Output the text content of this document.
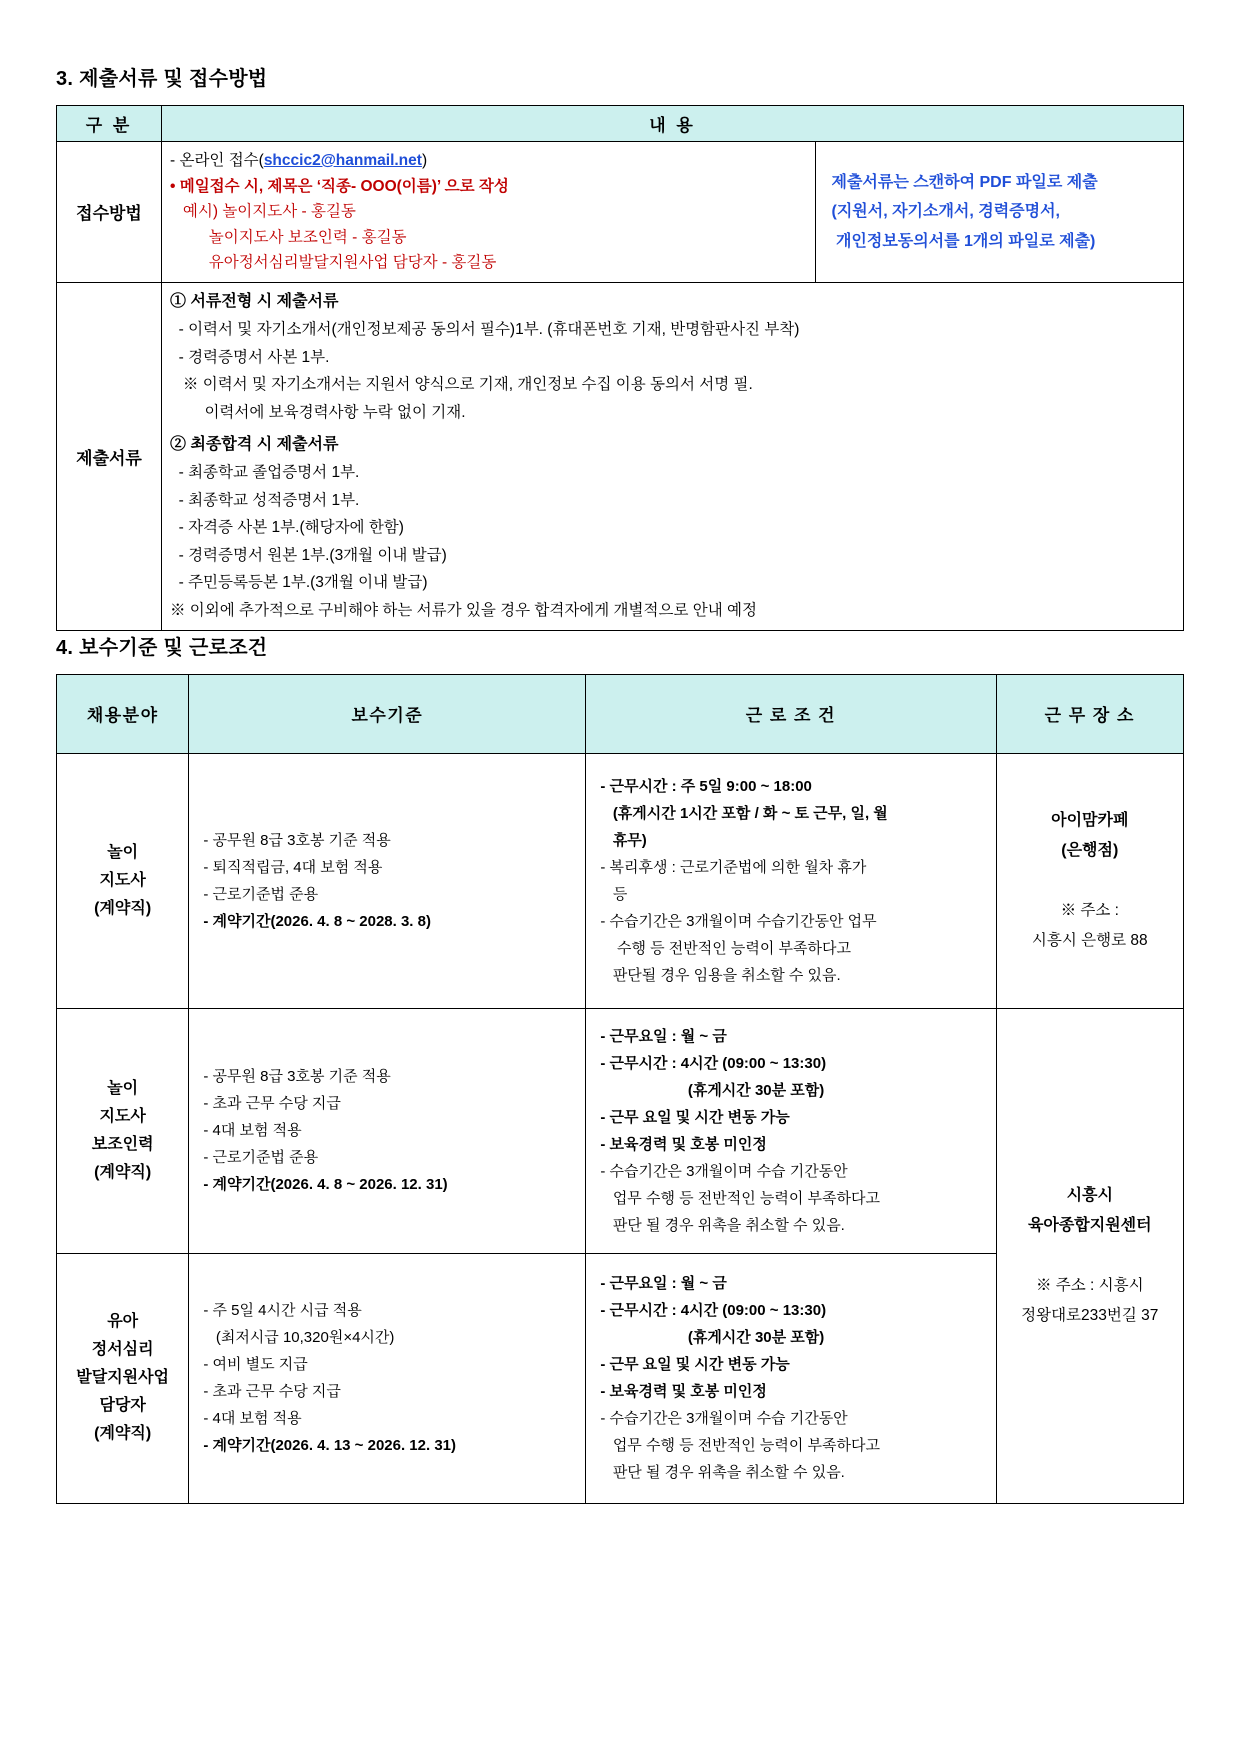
3. 제출서류 및 접수방법
구 분	내 용
접수방법	
- 온라인 접수(shccic2@hanmail.net)
• 메일접수 시, 제목은 ‘직종- OOO(이름)’ 으로 작성
예시) 놀이지도사 - 홍길동
놀이지도사 보조인력 - 홍길동
유아정서심리발달지원사업 담당자 - 홍길동

제출서류는 스캔하여 PDF 파일로 제출
(지원서, 자기소개서, 경력증명서,
개인정보동의서를 1개의 파일로 제출)

제출서류	
① 서류전형 시 제출서류
- 이력서 및 자기소개서(개인정보제공 동의서 필수)1부. (휴대폰번호 기재, 반명함판사진 부착)
- 경력증명서 사본 1부.
※ 이력서 및 자기소개서는 지원서 양식으로 기재, 개인정보 수집 이용 동의서 서명 필.
이력서에 보육경력사항 누락 없이 기재.
② 최종합격 시 제출서류
- 최종학교 졸업증명서 1부.
- 최종학교 성적증명서 1부.
- 자격증 사본 1부.(해당자에 한함)
- 경력증명서 원본 1부.(3개월 이내 발급)
- 주민등록등본 1부.(3개월 이내 발급)
※ 이외에 추가적으로 구비해야 하는 서류가 있을 경우 합격자에게 개별적으로 안내 예정
4. 보수기준 및 근로조건
채용분야	보수기준	근 로 조 건	근 무 장 소

놀이
지도사
(계약직)

- 공무원 8급 3호봉 기준 적용
- 퇴직적립금, 4대 보험 적용
- 근로기준법 준용
- 계약기간(2026. 4. 8 ~ 2028. 3. 8)

- 근무시간 : 주 5일 9:00 ~ 18:00
(휴게시간 1시간 포함 / 화 ~ 토 근무, 일, 월
휴무)
- 복리후생 : 근로기준법에 의한 월차 휴가
등
- 수습기간은 3개월이며 수습기간동안 업무
수행 등 전반적인 능력이 부족하다고
판단될 경우 임용을 취소할 수 있음.

아이맘카페
(은행점)

※ 주소 :
시흥시 은행로 88

놀이
지도사
보조인력
(계약직)

- 공무원 8급 3호봉 기준 적용
- 초과 근무 수당 지급
- 4대 보험 적용
- 근로기준법 준용
- 계약기간(2026. 4. 8 ~ 2026. 12. 31)

- 근무요일 : 월 ~ 금
- 근무시간 : 4시간 (09:00 ~ 13:30)
(휴게시간 30분 포함)
- 근무 요일 및 시간 변동 가능
- 보육경력 및 호봉 미인정
- 수습기간은 3개월이며 수습 기간동안
업무 수행 등 전반적인 능력이 부족하다고
판단 될 경우 위촉을 취소할 수 있음.

시흥시
육아종합지원센터

※ 주소 : 시흥시
정왕대로233번길 37

유아
정서심리
발달지원사업
담당자
(계약직)

- 주 5일 4시간 시급 적용
(최저시급 10,320원×4시간)
- 여비 별도 지급
- 초과 근무 수당 지급
- 4대 보험 적용
- 계약기간(2026. 4. 13 ~ 2026. 12. 31)

- 근무요일 : 월 ~ 금
- 근무시간 : 4시간 (09:00 ~ 13:30)
(휴게시간 30분 포함)
- 근무 요일 및 시간 변동 가능
- 보육경력 및 호봉 미인정
- 수습기간은 3개월이며 수습 기간동안
업무 수행 등 전반적인 능력이 부족하다고
판단 될 경우 위촉을 취소할 수 있음.
